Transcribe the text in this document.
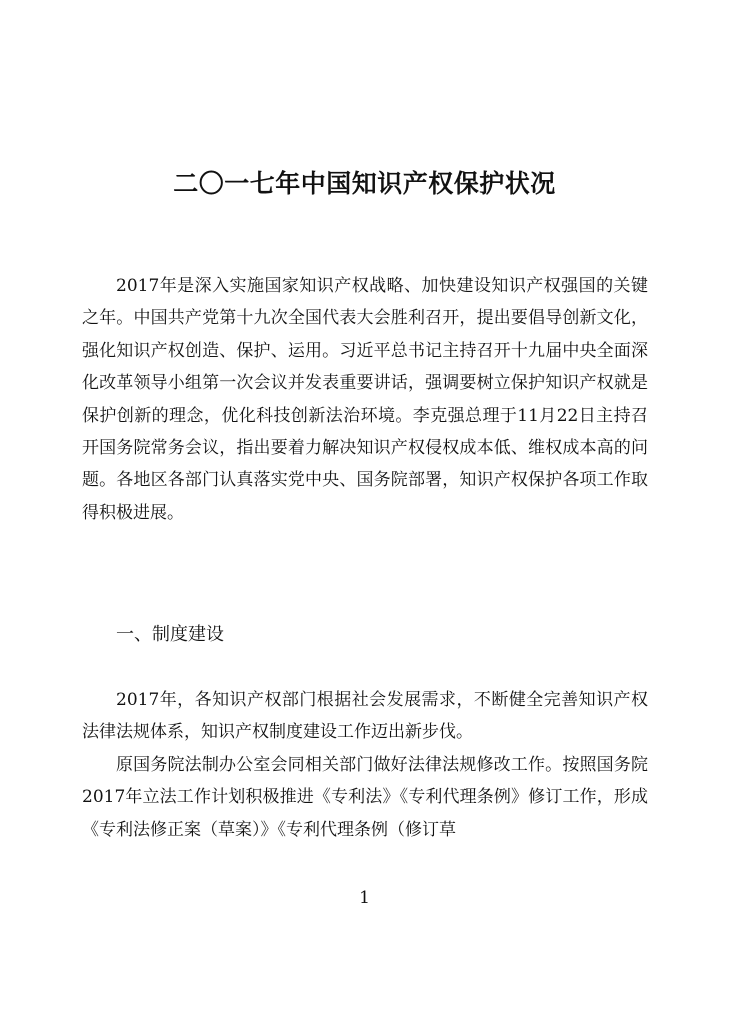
二〇一七年中国知识产权保护状况

2017年是深入实施国家知识产权战略、加快建设知识产权强国的关键之年。中国共产党第十九次全国代表大会胜利召开，提出要倡导创新文化，强化知识产权创造、保护、运用。习近平总书记主持召开十九届中央全面深化改革领导小组第一次会议并发表重要讲话，强调要树立保护知识产权就是保护创新的理念，优化科技创新法治环境。李克强总理于11月22日主持召开国务院常务会议，指出要着力解决知识产权侵权成本低、维权成本高的问题。各地区各部门认真落实党中央、国务院部署，知识产权保护各项工作取得积极进展。

一、制度建设

2017年，各知识产权部门根据社会发展需求，不断健全完善知识产权法律法规体系，知识产权制度建设工作迈出新步伐。

原国务院法制办公室会同相关部门做好法律法规修改工作。按照国务院2017年立法工作计划积极推进《专利法》《专利代理条例》修订工作，形成《专利法修正案（草案）》《专利代理条例（修订草

1
